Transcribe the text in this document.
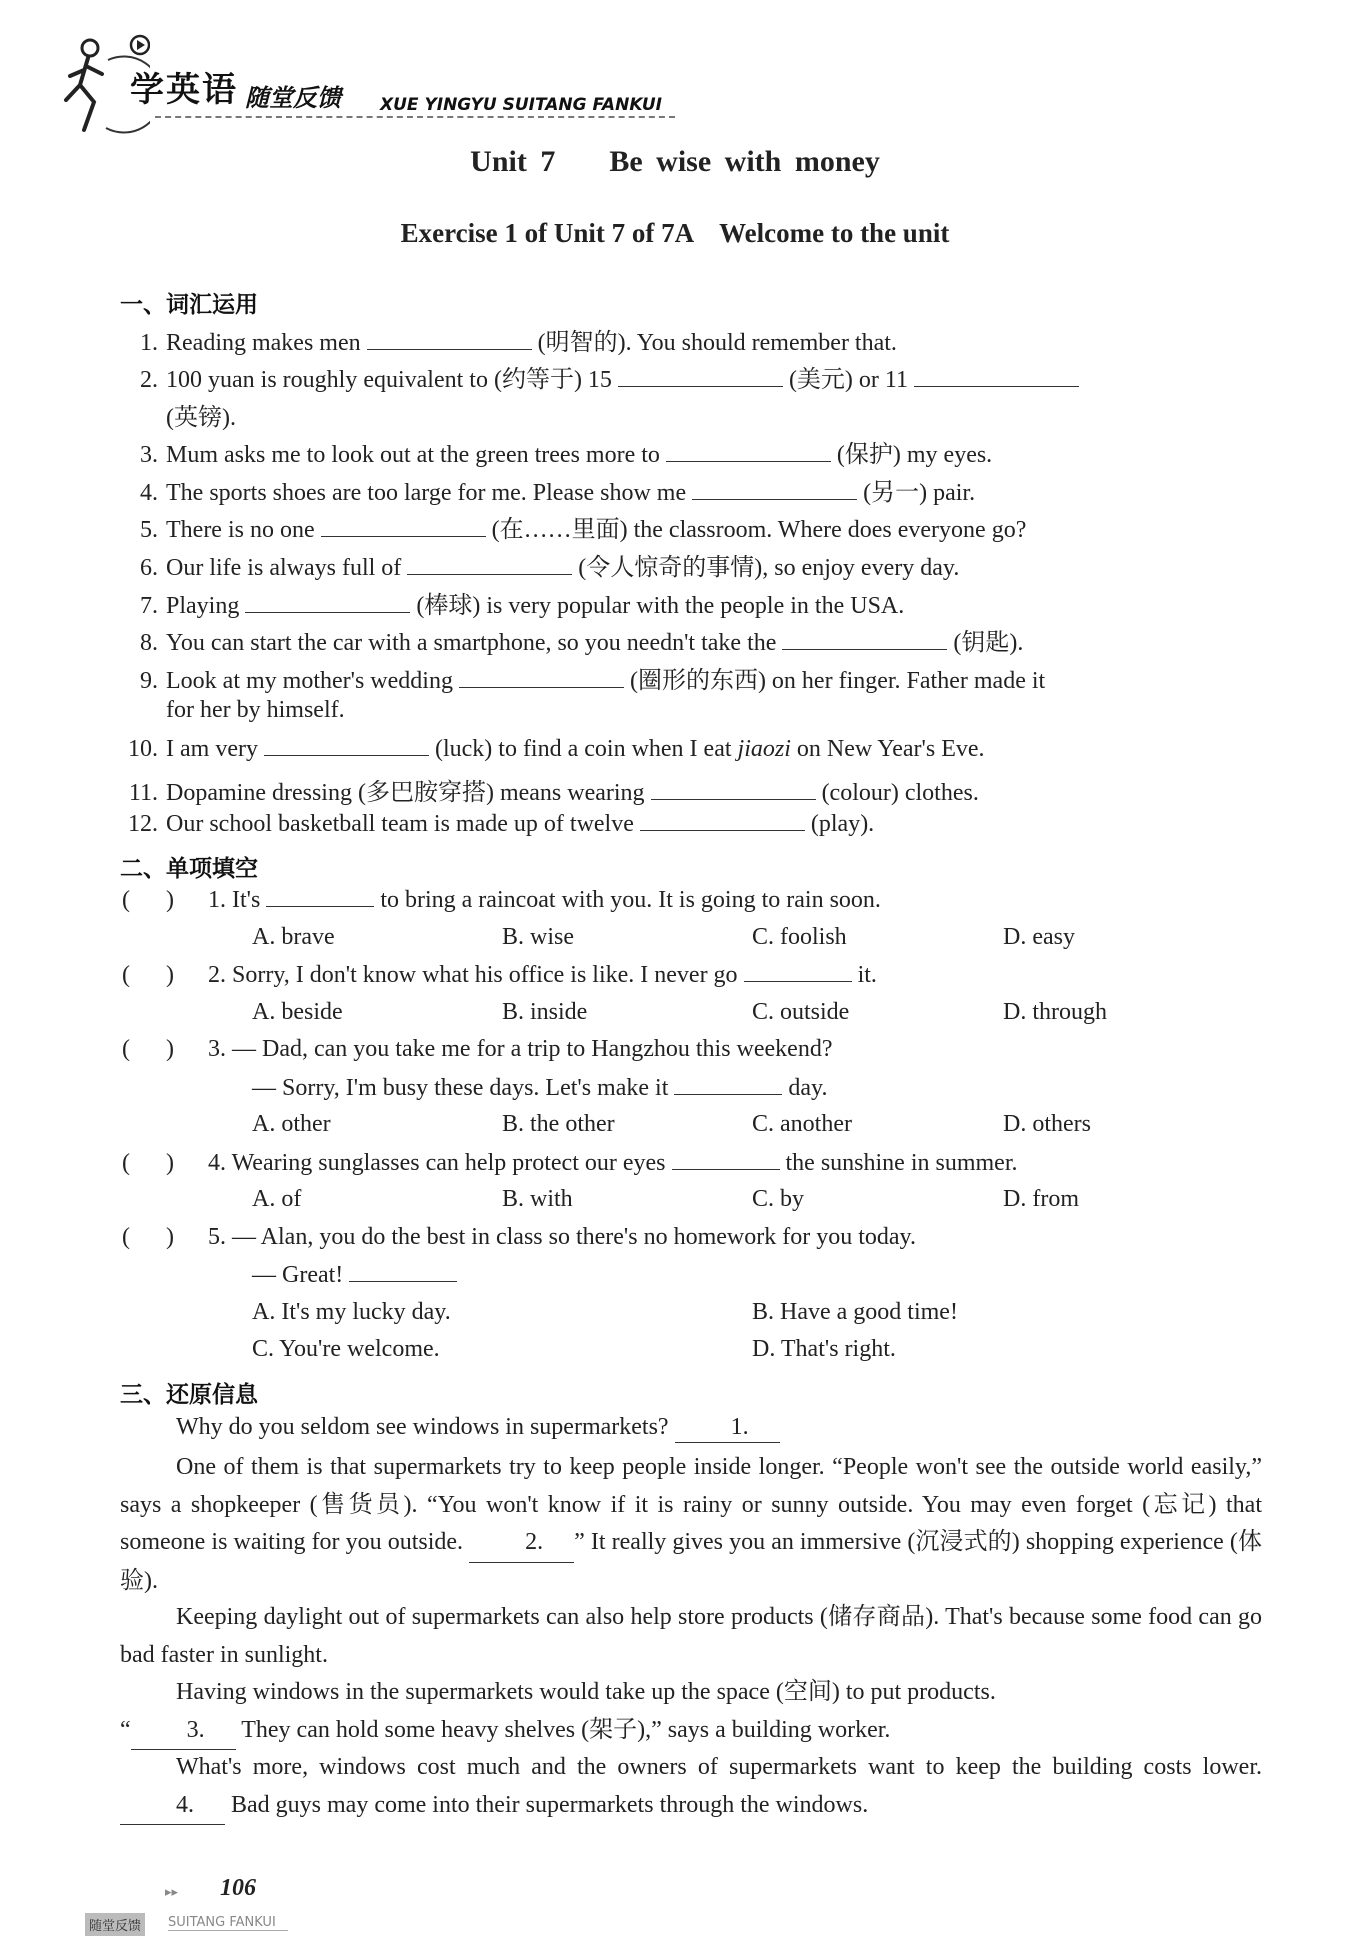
学英语 随堂反馈 XUE YINGYU SUITANG FANKUI
Unit 7    Be wise with money
Exercise 1 of Unit 7 of 7A    Welcome to the unit
一、词汇运用
1. Reading makes men	(明智的). You should remember that.
2. 100 yuan is roughly equivalent to (约等于) 15	(美元) or 11
(英镑).
3. Mum asks me to look out at the green trees more to	(保护) my eyes.
4. The sports shoes are too large for me. Please show me	(另一) pair.
5. There is no one	(在……里面) the classroom. Where does everyone go?
6. Our life is always full of	(令人惊奇的事情), so enjoy every day.
7. Playing	(棒球) is very popular with the people in the USA.
8. You can start the car with a smartphone, so you needn't take the	(钥匙).
9. Look at my mother's wedding	(圈形的东西) on her finger. Father made it
for her by himself.
10. I am very	(luck) to find a coin when I eat jiaozi on New Year's Eve.
11. Dopamine dressing (多巴胺穿搭) means wearing	(colour) clothes.
12. Our school basketball team is made up of twelve	(play).
二、单项填空
(      ) 1. It's	to bring a raincoat with you. It is going to rain soon.
A. brave	B. wise	C. foolish	D. easy
(      ) 2. Sorry, I don't know what his office is like. I never go	it.
A. beside	B. inside	C. outside	D. through
(      ) 3. — Dad, can you take me for a trip to Hangzhou this weekend?
— Sorry, I'm busy these days. Let's make it	day.
A. other	B. the other	C. another	D. others
(      ) 4. Wearing sunglasses can help protect our eyes	the sunshine in summer.
A. of	B. with	C. by	D. from
(      ) 5. — Alan, you do the best in class so there's no homework for you today.
— Great!
A. It's my lucky day.	B. Have a good time!
C. You're welcome.	D. That's right.
三、还原信息
Why do you seldom see windows in supermarkets?	1.
One of them is that supermarkets try to keep people inside longer. “People won't see the outside world easily,” says a shopkeeper (售货员). “You won't know if it is rainy or sunny outside. You may even forget (忘记) that someone is waiting for you outside.	2. ” It really gives you an immersive (沉浸式的) shopping experience (体验).
Keeping daylight out of supermarkets can also help store products (储存商品). That's because some food can go bad faster in sunlight.
Having windows in the supermarkets would take up the space (空间) to put products.
“ 3. They can hold some heavy shelves (架子),” says a building worker.
What's more, windows cost much and the owners of supermarkets want to keep the building costs lower. 4. Bad guys may come into their supermarkets through the windows.
▸▸ 106
随堂反馈	SUITANG FANKUI
